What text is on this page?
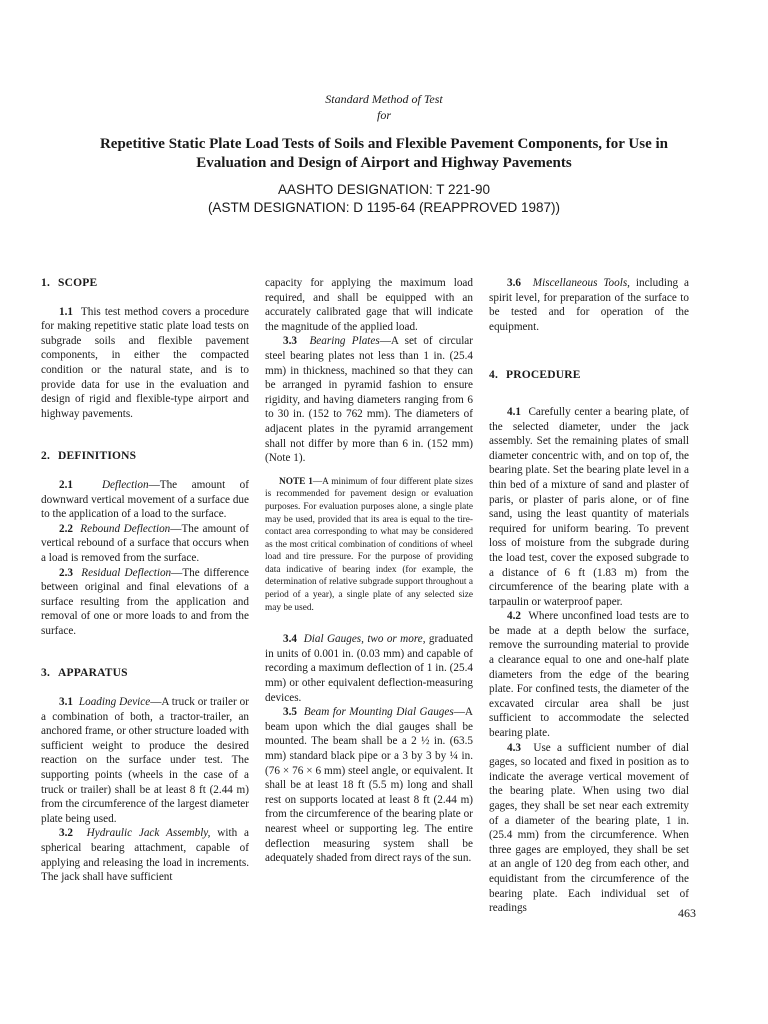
Standard Method of Test
for
Repetitive Static Plate Load Tests of Soils and Flexible Pavement Components, for Use in
Evaluation and Design of Airport and Highway Pavements
AASHTO DESIGNATION: T 221-90
(ASTM DESIGNATION: D 1195-64 (REAPPROVED 1987))
1. SCOPE

1.1 This test method covers a procedure for making repetitive static plate load tests on subgrade soils and flexible pavement components, in either the compacted condition or the natural state, and is to provide data for use in the evaluation and design of rigid and flexible-type airport and highway pavements.

2. DEFINITIONS

2.1	Deflection—The amount of downward vertical movement of a surface due to the application of a load to the surface.

2.2 Rebound Deflection—The amount of vertical rebound of a surface that occurs when a load is removed from the surface.

2.3 Residual Deflection—The difference between original and final elevations of a surface resulting from the application and removal of one or more loads to and from the surface.

3. APPARATUS

3.1 Loading Device—A truck or trailer or a combination of both, a tractor-trailer, an anchored frame, or other structure loaded with sufficient weight to produce the desired reaction on the surface under test. The supporting points (wheels in the case of a truck or trailer) shall be at least 8 ft (2.44 m) from the circumference of the largest diameter plate being used.

3.2 Hydraulic Jack Assembly, with a spherical bearing attachment, capable of applying and releasing the load in increments. The jack shall have sufficient

capacity for applying the maximum load required, and shall be equipped with an accurately calibrated gage that will indicate the magnitude of the applied load.

3.3 Bearing Plates—A set of circular steel bearing plates not less than 1 in. (25.4 mm) in thickness, machined so that they can be arranged in pyramid fashion to ensure rigidity, and having diameters ranging from 6 to 30 in. (152 to 762 mm). The diameters of adjacent plates in the pyramid arrangement shall not differ by more than 6 in. (152 mm) (Note 1).

NOTE 1—A minimum of four different plate sizes is recommended for pavement design or evaluation purposes. For evaluation purposes alone, a single plate may be used, provided that its area is equal to the tire-contact area corresponding to what may be considered as the most critical combination of conditions of wheel load and tire pressure. For the purpose of providing data indicative of bearing index (for example, the determination of relative subgrade support throughout a period of a year), a single plate of any selected size may be used.

3.4 Dial Gauges, two or more, graduated in units of 0.001 in. (0.03 mm) and capable of recording a maximum deflection of 1 in. (25.4 mm) or other equivalent deflection-measuring devices.

3.5 Beam for Mounting Dial Gauges—A beam upon which the dial gauges shall be mounted. The beam shall be a 2 ½ in. (63.5 mm) standard black pipe or a 3 by 3 by ¼ in. (76 × 76 × 6 mm) steel angle, or equivalent. It shall be at least 18 ft (5.5 m) long and shall rest on supports located at least 8 ft (2.44 m) from the circumference of the bearing plate or nearest wheel or supporting leg. The entire deflection measuring system shall be adequately shaded from direct rays of the sun.

3.6 Miscellaneous Tools, including a spirit level, for preparation of the surface to be tested and for operation of the equipment.

4. PROCEDURE

4.1 Carefully center a bearing plate, of the selected diameter, under the jack assembly. Set the remaining plates of small diameter concentric with, and on top of, the bearing plate. Set the bearing plate level in a thin bed of a mixture of sand and plaster of paris, or plaster of paris alone, or of fine sand, using the least quantity of materials required for uniform bearing. To prevent loss of moisture from the subgrade during the load test, cover the exposed subgrade to a distance of 6 ft (1.83 m) from the circumference of the bearing plate with a tarpaulin or waterproof paper.

4.2 Where unconfined load tests are to be made at a depth below the surface, remove the surrounding material to provide a clearance equal to one and one-half plate diameters from the edge of the bearing plate. For confined tests, the diameter of the excavated circular area shall be just sufficient to accommodate the selected bearing plate.

4.3 Use a sufficient number of dial gages, so located and fixed in position as to indicate the average vertical movement of the bearing plate. When using two dial gages, they shall be set near each extremity of a diameter of the bearing plate, 1 in. (25.4 mm) from the circumference. When three gages are employed, they shall be set at an angle of 120 deg from each other, and equidistant from the circumference of the bearing plate. Each individual set of readings	463
